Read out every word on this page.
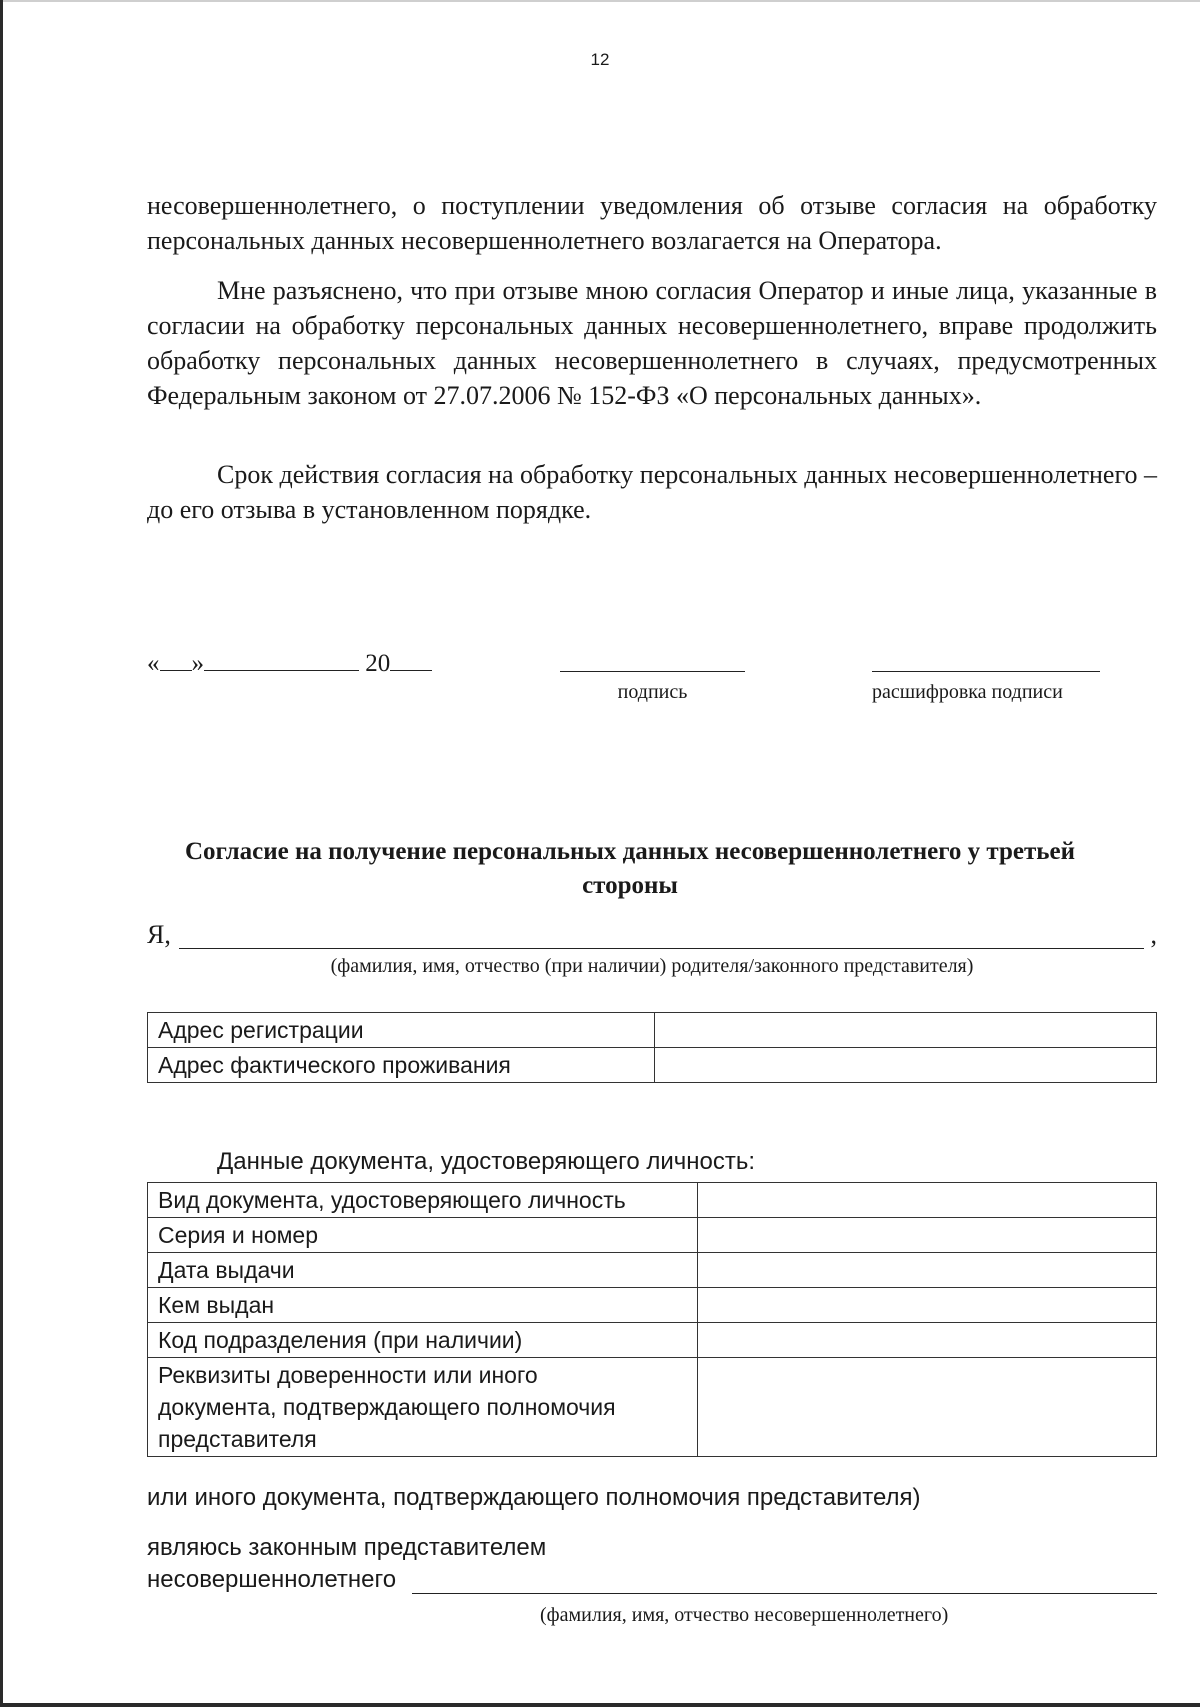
12

несовершеннолетнего, о поступлении уведомления об отзыве согласия на обработку персональных данных несовершеннолетнего возлагается на Оператора.

Мне разъяснено, что при отзыве мною согласия Оператор и иные лица, указанные в согласии на обработку персональных данных несовершеннолетнего, вправе продолжить обработку персональных данных несовершеннолетнего в случаях, предусмотренных Федеральным законом от 27.07.2006 № 152-ФЗ «О персональных данных».

Срок действия согласия на обработку персональных данных несовершеннолетнего – до его отзыва в установленном порядке.

« »	20
подпись	расшифровка подписи

Согласие на получение персональных данных несовершеннолетнего у третьей стороны

Я,	,
(фамилия, имя, отчество (при наличии) родителя/законного представителя)
Адрес регистрации	
Адрес фактического проживания	
Данные документа, удостоверяющего личность:
Вид документа, удостоверяющего личность	
Серия и номер	
Дата выдачи	
Кем выдан	
Код подразделения (при наличии)	
Реквизиты доверенности или иного документа, подтверждающего полномочия представителя	
или иного документа, подтверждающего полномочия представителя)
являюсь законным представителем
несовершеннолетнего
(фамилия, имя, отчество несовершеннолетнего)
